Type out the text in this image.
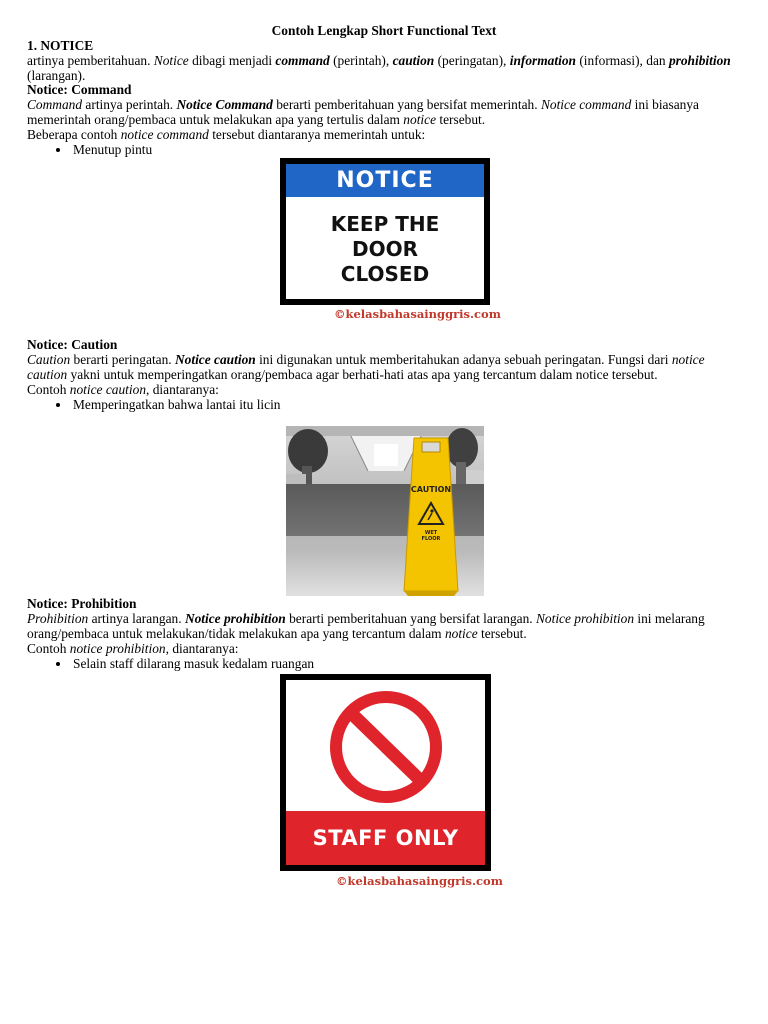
Contoh Lengkap Short Functional Text

1. NOTICE

artinya pemberitahuan. Notice dibagi menjadi command (perintah), caution (peringatan), information (informasi), dan prohibition (larangan).

Notice: Command

Command artinya perintah. Notice Command berarti pemberitahuan yang bersifat memerintah. Notice command ini biasanya memerintah orang/pembaca untuk melakukan apa yang tertulis dalam notice tersebut.

Beberapa contoh notice command tersebut diantaranya memerintah untuk:

• Menutup pintu
NOTICE
KEEP THE
DOOR
CLOSED
©kelasbahasainggris.com

Notice: Caution

Caution berarti peringatan. Notice caution ini digunakan untuk memberitahukan adanya sebuah peringatan. Fungsi dari notice caution yakni untuk memperingatkan orang/pembaca agar berhati-hati atas apa yang tercantum dalam notice tersebut.

Contoh notice caution, diantaranya:

• Memperingatkan bahwa lantai itu licin
CAUTION
WET
FLOOR

Notice: Prohibition

Prohibition artinya larangan. Notice prohibition berarti pemberitahuan yang bersifat larangan. Notice prohibition ini melarang orang/pembaca untuk melakukan/tidak melakukan apa yang tercantum dalam notice tersebut.

Contoh notice prohibition, diantaranya:

• Selain staff dilarang masuk kedalam ruangan
STAFF ONLY
©kelasbahasainggris.com
